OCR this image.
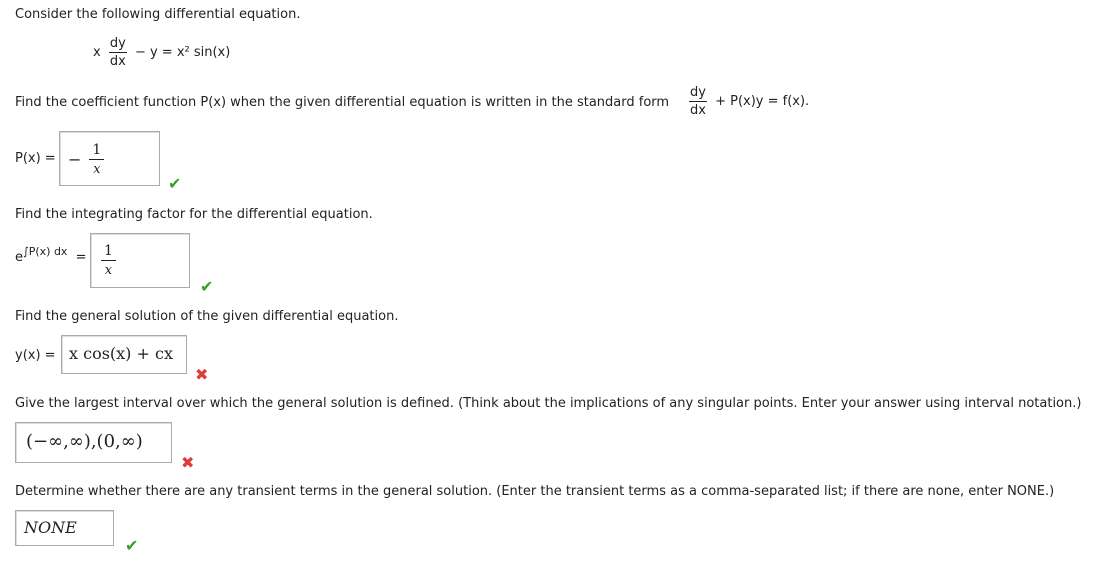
Consider the following differential equation.
x $\frac{dy}{dx} - y = x^2$ sin(x)
Find the coefficient function P(x) when the given differential equation is written in the standard form $\frac{dy}{dx} + P(x)y = f(x)$.
P(x) = − $\frac{1}{x}$
✔
Find the integrating factor for the differential equation.
$e^{\int P(x) dx} = \frac{1}{x}$
✔
Find the general solution of the given differential equation.
y(x) = x cos(x) + cx
✖
Give the largest interval over which the general solution is defined. (Think about the implications of any singular points. Enter your answer using interval notation.)
(−∞,∞),(0,∞)
✖
Determine whether there are any transient terms in the general solution. (Enter the transient terms as a comma-separated list; if there are none, enter NONE.)
NONE
✔
